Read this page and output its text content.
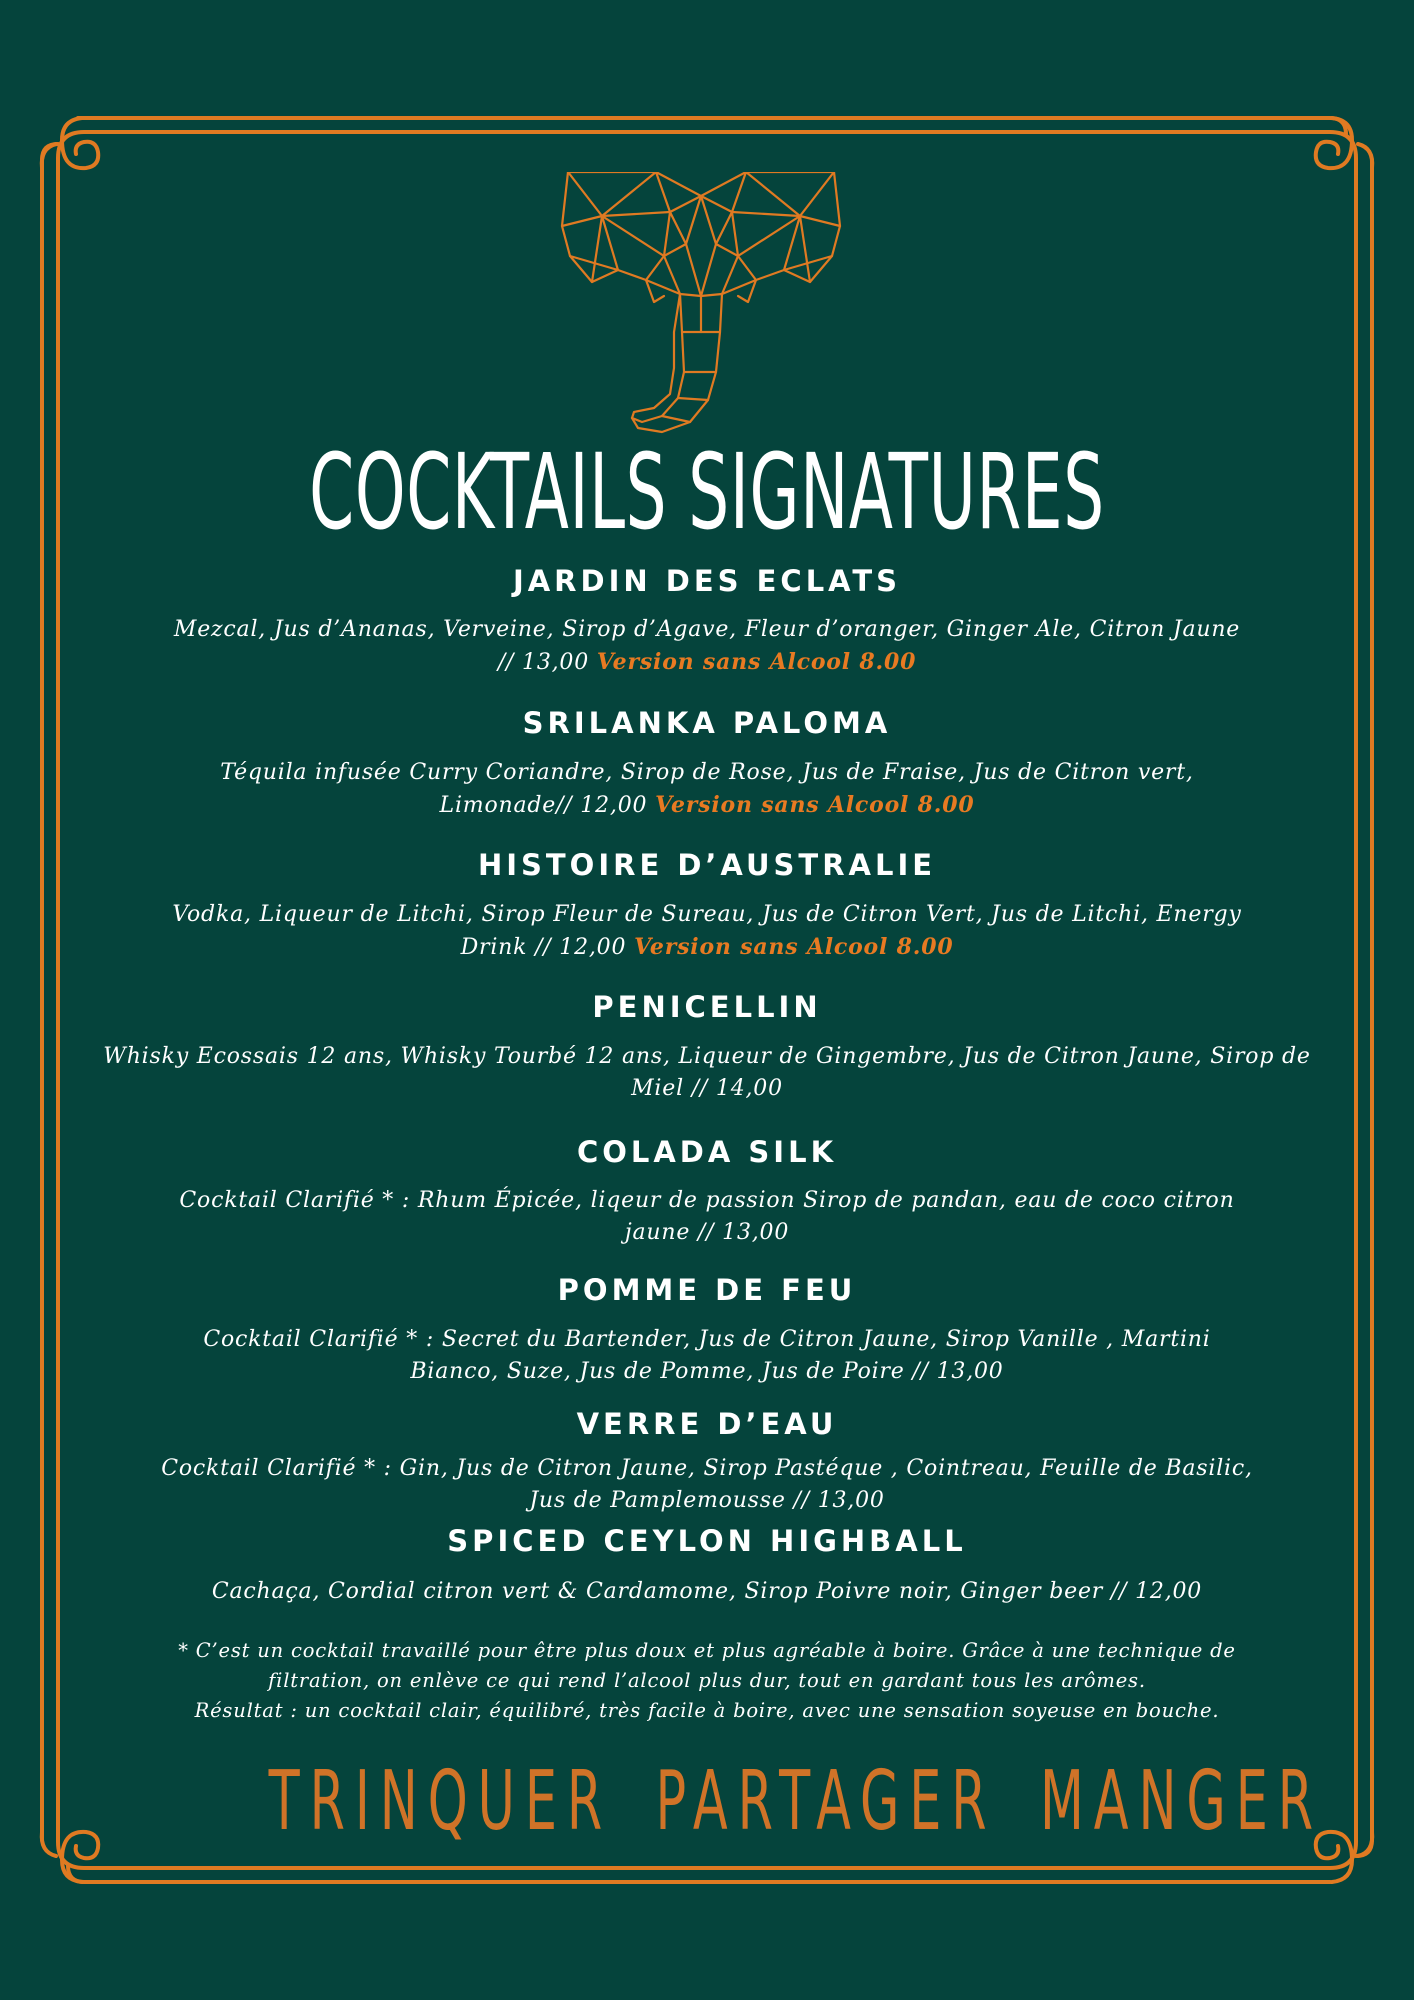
COCKTAILS SIGNATURES
JARDIN DES ECLATS
Mezcal, Jus d’Ananas, Verveine, Sirop d’Agave, Fleur d’oranger, Ginger Ale, Citron Jaune
// 13,00 Version sans Alcool 8.00
SRILANKA PALOMA
Téquila infusée Curry Coriandre, Sirop de Rose, Jus de Fraise, Jus de Citron vert,
Limonade// 12,00 Version sans Alcool 8.00
HISTOIRE D’AUSTRALIE
Vodka, Liqueur de Litchi, Sirop Fleur de Sureau, Jus de Citron Vert, Jus de Litchi, Energy
Drink // 12,00 Version sans Alcool 8.00
PENICELLIN
Whisky Ecossais 12 ans, Whisky Tourbé 12 ans, Liqueur de Gingembre, Jus de Citron Jaune, Sirop de
Miel // 14,00
COLADA SILK
Cocktail Clarifié * : Rhum Épicée, liqeur de passion Sirop de pandan, eau de coco citron
jaune // 13,00
POMME DE FEU
Cocktail Clarifié * : Secret du Bartender, Jus de Citron Jaune, Sirop Vanille , Martini
Bianco, Suze, Jus de Pomme, Jus de Poire // 13,00
VERRE D’EAU
Cocktail Clarifié * : Gin, Jus de Citron Jaune, Sirop Pastéque , Cointreau, Feuille de Basilic,
Jus de Pamplemousse // 13,00
SPICED CEYLON HIGHBALL
Cachaça, Cordial citron vert & Cardamome, Sirop Poivre noir, Ginger beer // 12,00
* C’est un cocktail travaillé pour être plus doux et plus agréable à boire. Grâce à une technique de
filtration, on enlève ce qui rend l’alcool plus dur, tout en gardant tous les arômes.
Résultat : un cocktail clair, équilibré, très facile à boire, avec une sensation soyeuse en bouche.
TRINQUER PARTAGER MANGER
